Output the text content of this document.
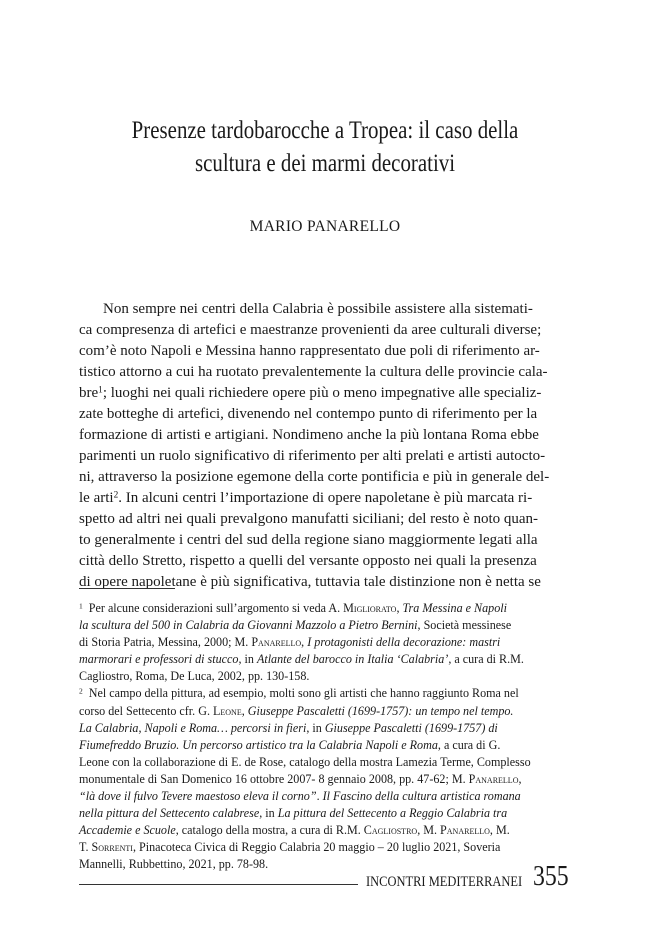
Presenze tardobarocche a Tropea: il caso della
scultura e dei marmi decorativi
MARIO PANARELLO
Non sempre nei centri della Calabria è possibile assistere alla sistemati-
ca compresenza di artefici e maestranze provenienti da aree culturali diverse;
com’è noto Napoli e Messina hanno rappresentato due poli di riferimento ar-
tistico attorno a cui ha ruotato prevalentemente la cultura delle provincie cala-
bre$^1$; luoghi nei quali richiedere opere più o meno impegnative alle specializ-
zate botteghe di artefici, divenendo nel contempo punto di riferimento per la
formazione di artisti e artigiani. Nondimeno anche la più lontana Roma ebbe
parimenti un ruolo significativo di riferimento per alti prelati e artisti autocto-
ni, attraverso la posizione egemone della corte pontificia e più in generale del-
le arti$^2$. In alcuni centri l’importazione di opere napoletane è più marcata ri-
spetto ad altri nei quali prevalgono manufatti siciliani; del resto è noto quan-
to generalmente i centri del sud della regione siano maggiormente legati alla
città dello Stretto, rispetto a quelli del versante opposto nei quali la presenza
di opere napoletane è più significativa, tuttavia tale distinzione non è netta se
$^1$ Per alcune considerazioni sull’argomento si veda A. Migliorato, Tra Messina e Napoli
la scultura del 500 in Calabria da Giovanni Mazzolo a Pietro Bernini, Società messinese
di Storia Patria, Messina, 2000; M. Panarello, I protagonisti della decorazione: mastri
marmorari e professori di stucco, in Atlante del barocco in Italia ‘Calabria’, a cura di R.M.
Cagliostro, Roma, De Luca, 2002, pp. 130-158.
$^2$ Nel campo della pittura, ad esempio, molti sono gli artisti che hanno raggiunto Roma nel
corso del Settecento cfr. G. Leone, Giuseppe Pascaletti (1699-1757): un tempo nel tempo.
La Calabria, Napoli e Roma… percorsi in fieri, in Giuseppe Pascaletti (1699-1757) di
Fiumefreddo Bruzio. Un percorso artistico tra la Calabria Napoli e Roma, a cura di G.
Leone con la collaborazione di E. de Rose, catalogo della mostra Lamezia Terme, Complesso
monumentale di San Domenico 16 ottobre 2007- 8 gennaio 2008, pp. 47-62; M. Panarello,
“là dove il fulvo Tevere maestoso eleva il corno”. Il Fascino della cultura artistica romana
nella pittura del Settecento calabrese, in La pittura del Settecento a Reggio Calabria tra
Accademie e Scuole, catalogo della mostra, a cura di R.M. Cagliostro, M. Panarello, M.
T. Sorrenti, Pinacoteca Civica di Reggio Calabria 20 maggio – 20 luglio 2021, Soveria
Mannelli, Rubbettino, 2021, pp. 78-98.
INCONTRI MEDITERRANEI 355
